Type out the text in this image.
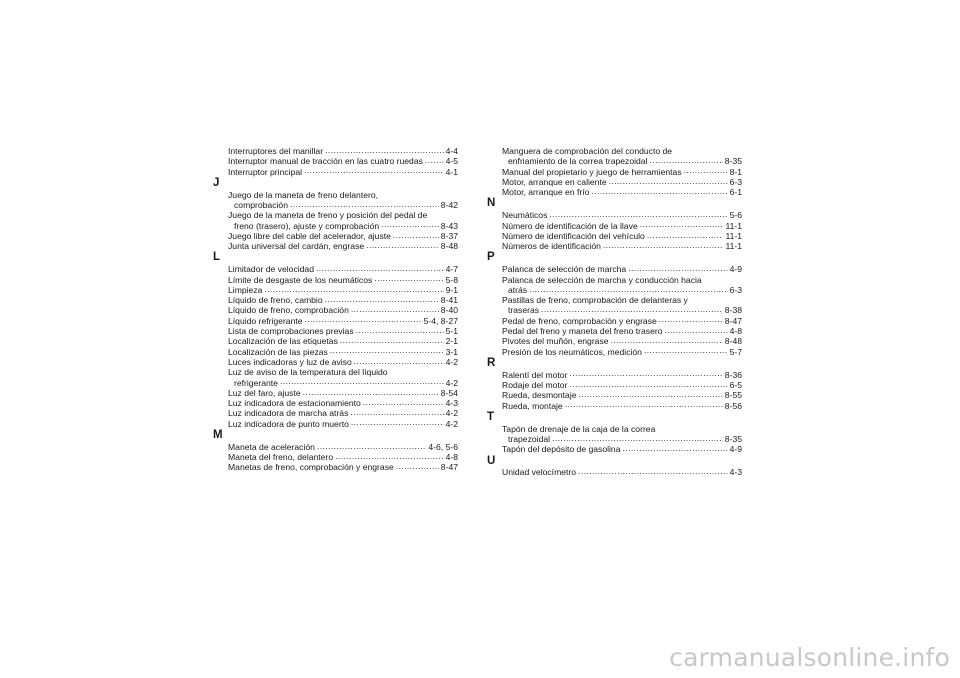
Interruptores del manillar .....	4-4
Interruptor manual de tracción en las cuatro ruedas .....	4-5
Interruptor principal .....	4-1
J
Juego de la maneta de freno delantero,
comprobación .....	8-42
Juego de la maneta de freno y posición del pedal de
freno (trasero), ajuste y comprobación .....	8-43
Juego libre del cable del acelerador, ajuste .....	8-37
Junta universal del cardán, engrase .....	8-48
L
Limitador de velocidad .....	4-7
Límite de desgaste de los neumáticos .....	5-8
Limpieza .....	9-1
Líquido de freno, cambio .....	8-41
Líquido de freno, comprobación .....	8-40
Líquido refrigerante .....	5-4, 8-27
Lista de comprobaciones previas .....	5-1
Localización de las etiquetas .....	2-1
Localización de las piezas .....	3-1
Luces indicadoras y luz de aviso .....	4-2
Luz de aviso de la temperatura del líquido
refrigerante .....	4-2
Luz del faro, ajuste .....	8-54
Luz indicadora de estacionamiento .....	4-3
Luz indicadora de marcha atrás .....	4-2
Luz indicadora de punto muerto .....	4-2
M
Maneta de aceleración .....	4-6, 5-6
Maneta del freno, delantero .....	4-8
Manetas de freno, comprobación y engrase .....	8-47
Manguera de comprobación del conducto de
enfriamiento de la correa trapezoidal .....	8-35
Manual del propietario y juego de herramientas .....	8-1
Motor, arranque en caliente .....	6-3
Motor, arranque en frío .....	6-1
N
Neumáticos .....	5-6
Número de identificación de la llave .....	11-1
Número de identificación del vehículo .....	11-1
Números de identificación .....	11-1
P
Palanca de selección de marcha .....	4-9
Palanca de selección de marcha y conducción hacia
atrás .....	6-3
Pastillas de freno, comprobación de delanteras y
traseras .....	8-38
Pedal de freno, comprobación y engrase .....	8-47
Pedal del freno y maneta del freno trasero .....	4-8
Pivotes del muñón, engrase .....	8-48
Presión de los neumáticos, medición .....	5-7
R
Ralentí del motor .....	8-36
Rodaje del motor .....	6-5
Rueda, desmontaje .....	8-55
Rueda, montaje .....	8-56
T
Tapón de drenaje de la caja de la correa
trapezoidal .....	8-35
Tapón del depósito de gasolina .....	4-9
U
Unidad velocímetro .....	4-3
carmanualsonline.info
